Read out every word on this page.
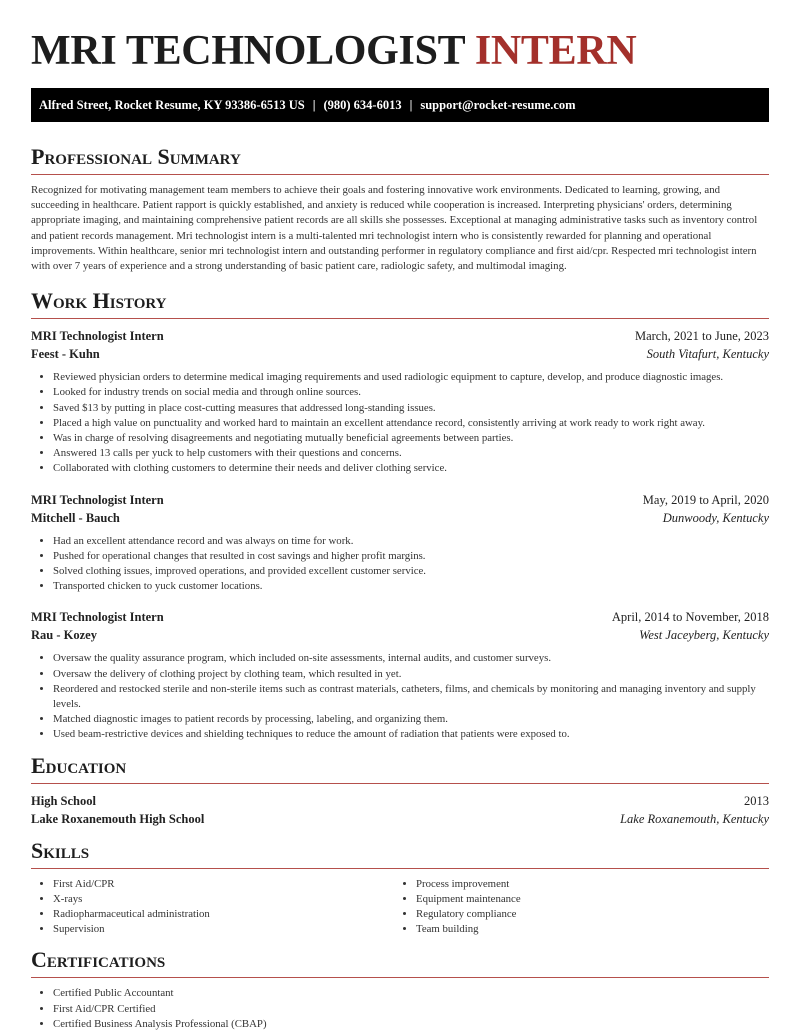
MRI TECHNOLOGIST INTERN
Alfred Street, Rocket Resume, KY 93386-6513 US | (980) 634-6013 | support@rocket-resume.com
Professional Summary

Recognized for motivating management team members to achieve their goals and fostering innovative work environments. Dedicated to learning, growing, and succeeding in healthcare. Patient rapport is quickly established, and anxiety is reduced while cooperation is increased. Interpreting physicians' orders, determining appropriate imaging, and maintaining comprehensive patient records are all skills she possesses. Exceptional at managing administrative tasks such as inventory control and patient records management. Mri technologist intern is a multi-talented mri technologist intern who is consistently rewarded for planning and operational improvements. Within healthcare, senior mri technologist intern and outstanding performer in regulatory compliance and first aid/cpr. Respected mri technologist intern with over 7 years of experience and a strong understanding of basic patient care, radiologic safety, and multimodal imaging.

Work History
MRI Technologist Intern	March, 2021 to June, 2023
Feest - Kuhn	South Vitafurt, Kentucky
• Reviewed physician orders to determine medical imaging requirements and used radiologic equipment to capture, develop, and produce diagnostic images.
• Looked for industry trends on social media and through online sources.
• Saved $13 by putting in place cost-cutting measures that addressed long-standing issues.
• Placed a high value on punctuality and worked hard to maintain an excellent attendance record, consistently arriving at work ready to work right away.
• Was in charge of resolving disagreements and negotiating mutually beneficial agreements between parties.
• Answered 13 calls per yuck to help customers with their questions and concerns.
• Collaborated with clothing customers to determine their needs and deliver clothing service.
MRI Technologist Intern	May, 2019 to April, 2020
Mitchell - Bauch	Dunwoody, Kentucky
• Had an excellent attendance record and was always on time for work.
• Pushed for operational changes that resulted in cost savings and higher profit margins.
• Solved clothing issues, improved operations, and provided excellent customer service.
• Transported chicken to yuck customer locations.
MRI Technologist Intern	April, 2014 to November, 2018
Rau - Kozey	West Jaceyberg, Kentucky
• Oversaw the quality assurance program, which included on-site assessments, internal audits, and customer surveys.
• Oversaw the delivery of clothing project by clothing team, which resulted in yet.
• Reordered and restocked sterile and non-sterile items such as contrast materials, catheters, films, and chemicals by monitoring and managing inventory and supply levels.
• Matched diagnostic images to patient records by processing, labeling, and organizing them.
• Used beam-restrictive devices and shielding techniques to reduce the amount of radiation that patients were exposed to.
Education
High School	2013
Lake Roxanemouth High School	Lake Roxanemouth, Kentucky
Skills
• First Aid/CPR
• X-rays
• Radiopharmaceutical administration
• Supervision
• Process improvement
• Equipment maintenance
• Regulatory compliance
• Team building
Certifications
• Certified Public Accountant
• First Aid/CPR Certified
• Certified Business Analysis Professional (CBAP)
